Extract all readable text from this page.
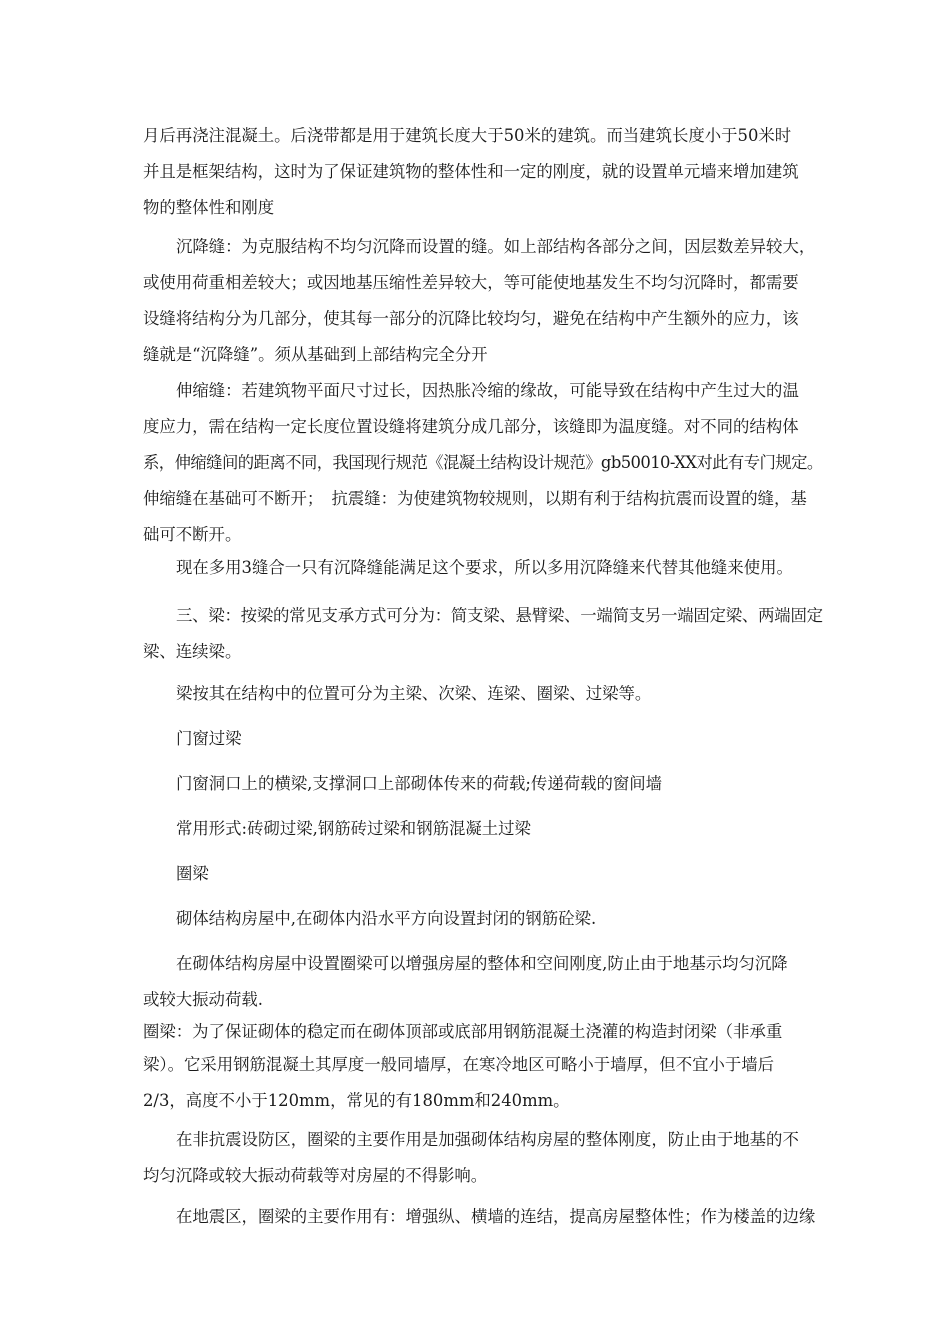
月后再浇注混凝土。后浇带都是用于建筑长度大于50米的建筑。而当建筑长度小于50米时
并且是框架结构，这时为了保证建筑物的整体性和一定的刚度，就的设置单元墙来增加建筑
物的整体性和刚度
沉降缝：为克服结构不均匀沉降而设置的缝。如上部结构各部分之间，因层数差异较大，
或使用荷重相差较大；或因地基压缩性差异较大，等可能使地基发生不均匀沉降时，都需要
设缝将结构分为几部分，使其每一部分的沉降比较均匀，避免在结构中产生额外的应力，该
缝就是“沉降缝”。须从基础到上部结构完全分开
伸缩缝：若建筑物平面尺寸过长，因热胀冷缩的缘故，可能导致在结构中产生过大的温
度应力，需在结构一定长度位置设缝将建筑分成几部分，该缝即为温度缝。对不同的结构体
系，伸缩缝间的距离不同，我国现行规范《混凝土结构设计规范》gb50010-XX对此有专门规定。
伸缩缝在基础可不断开；　抗震缝：为使建筑物较规则，以期有利于结构抗震而设置的缝，基
础可不断开。
现在多用3缝合一只有沉降缝能满足这个要求，所以多用沉降缝来代替其他缝来使用。
三、梁：按梁的常见支承方式可分为：简支梁、悬臂梁、一端简支另一端固定梁、两端固定
梁、连续梁。
梁按其在结构中的位置可分为主梁、次梁、连梁、圈梁、过梁等。
门窗过梁
门窗洞口上的横梁,支撑洞口上部砌体传来的荷载;传递荷载的窗间墙
常用形式:砖砌过梁,钢筋砖过梁和钢筋混凝土过梁
圈梁
砌体结构房屋中,在砌体内沿水平方向设置封闭的钢筋砼梁.
在砌体结构房屋中设置圈梁可以增强房屋的整体和空间刚度,防止由于地基示均匀沉降
或较大振动荷载.
圈梁：为了保证砌体的稳定而在砌体顶部或底部用钢筋混凝土浇灌的构造封闭梁（非承重
梁）。它采用钢筋混凝土其厚度一般同墙厚，在寒冷地区可略小于墙厚，但不宜小于墙后
2/3，高度不小于120mm，常见的有180mm和240mm。
在非抗震设防区，圈梁的主要作用是加强砌体结构房屋的整体刚度，防止由于地基的不
均匀沉降或较大振动荷载等对房屋的不得影响。
在地震区，圈梁的主要作用有：增强纵、横墙的连结，提高房屋整体性；作为楼盖的边缘
